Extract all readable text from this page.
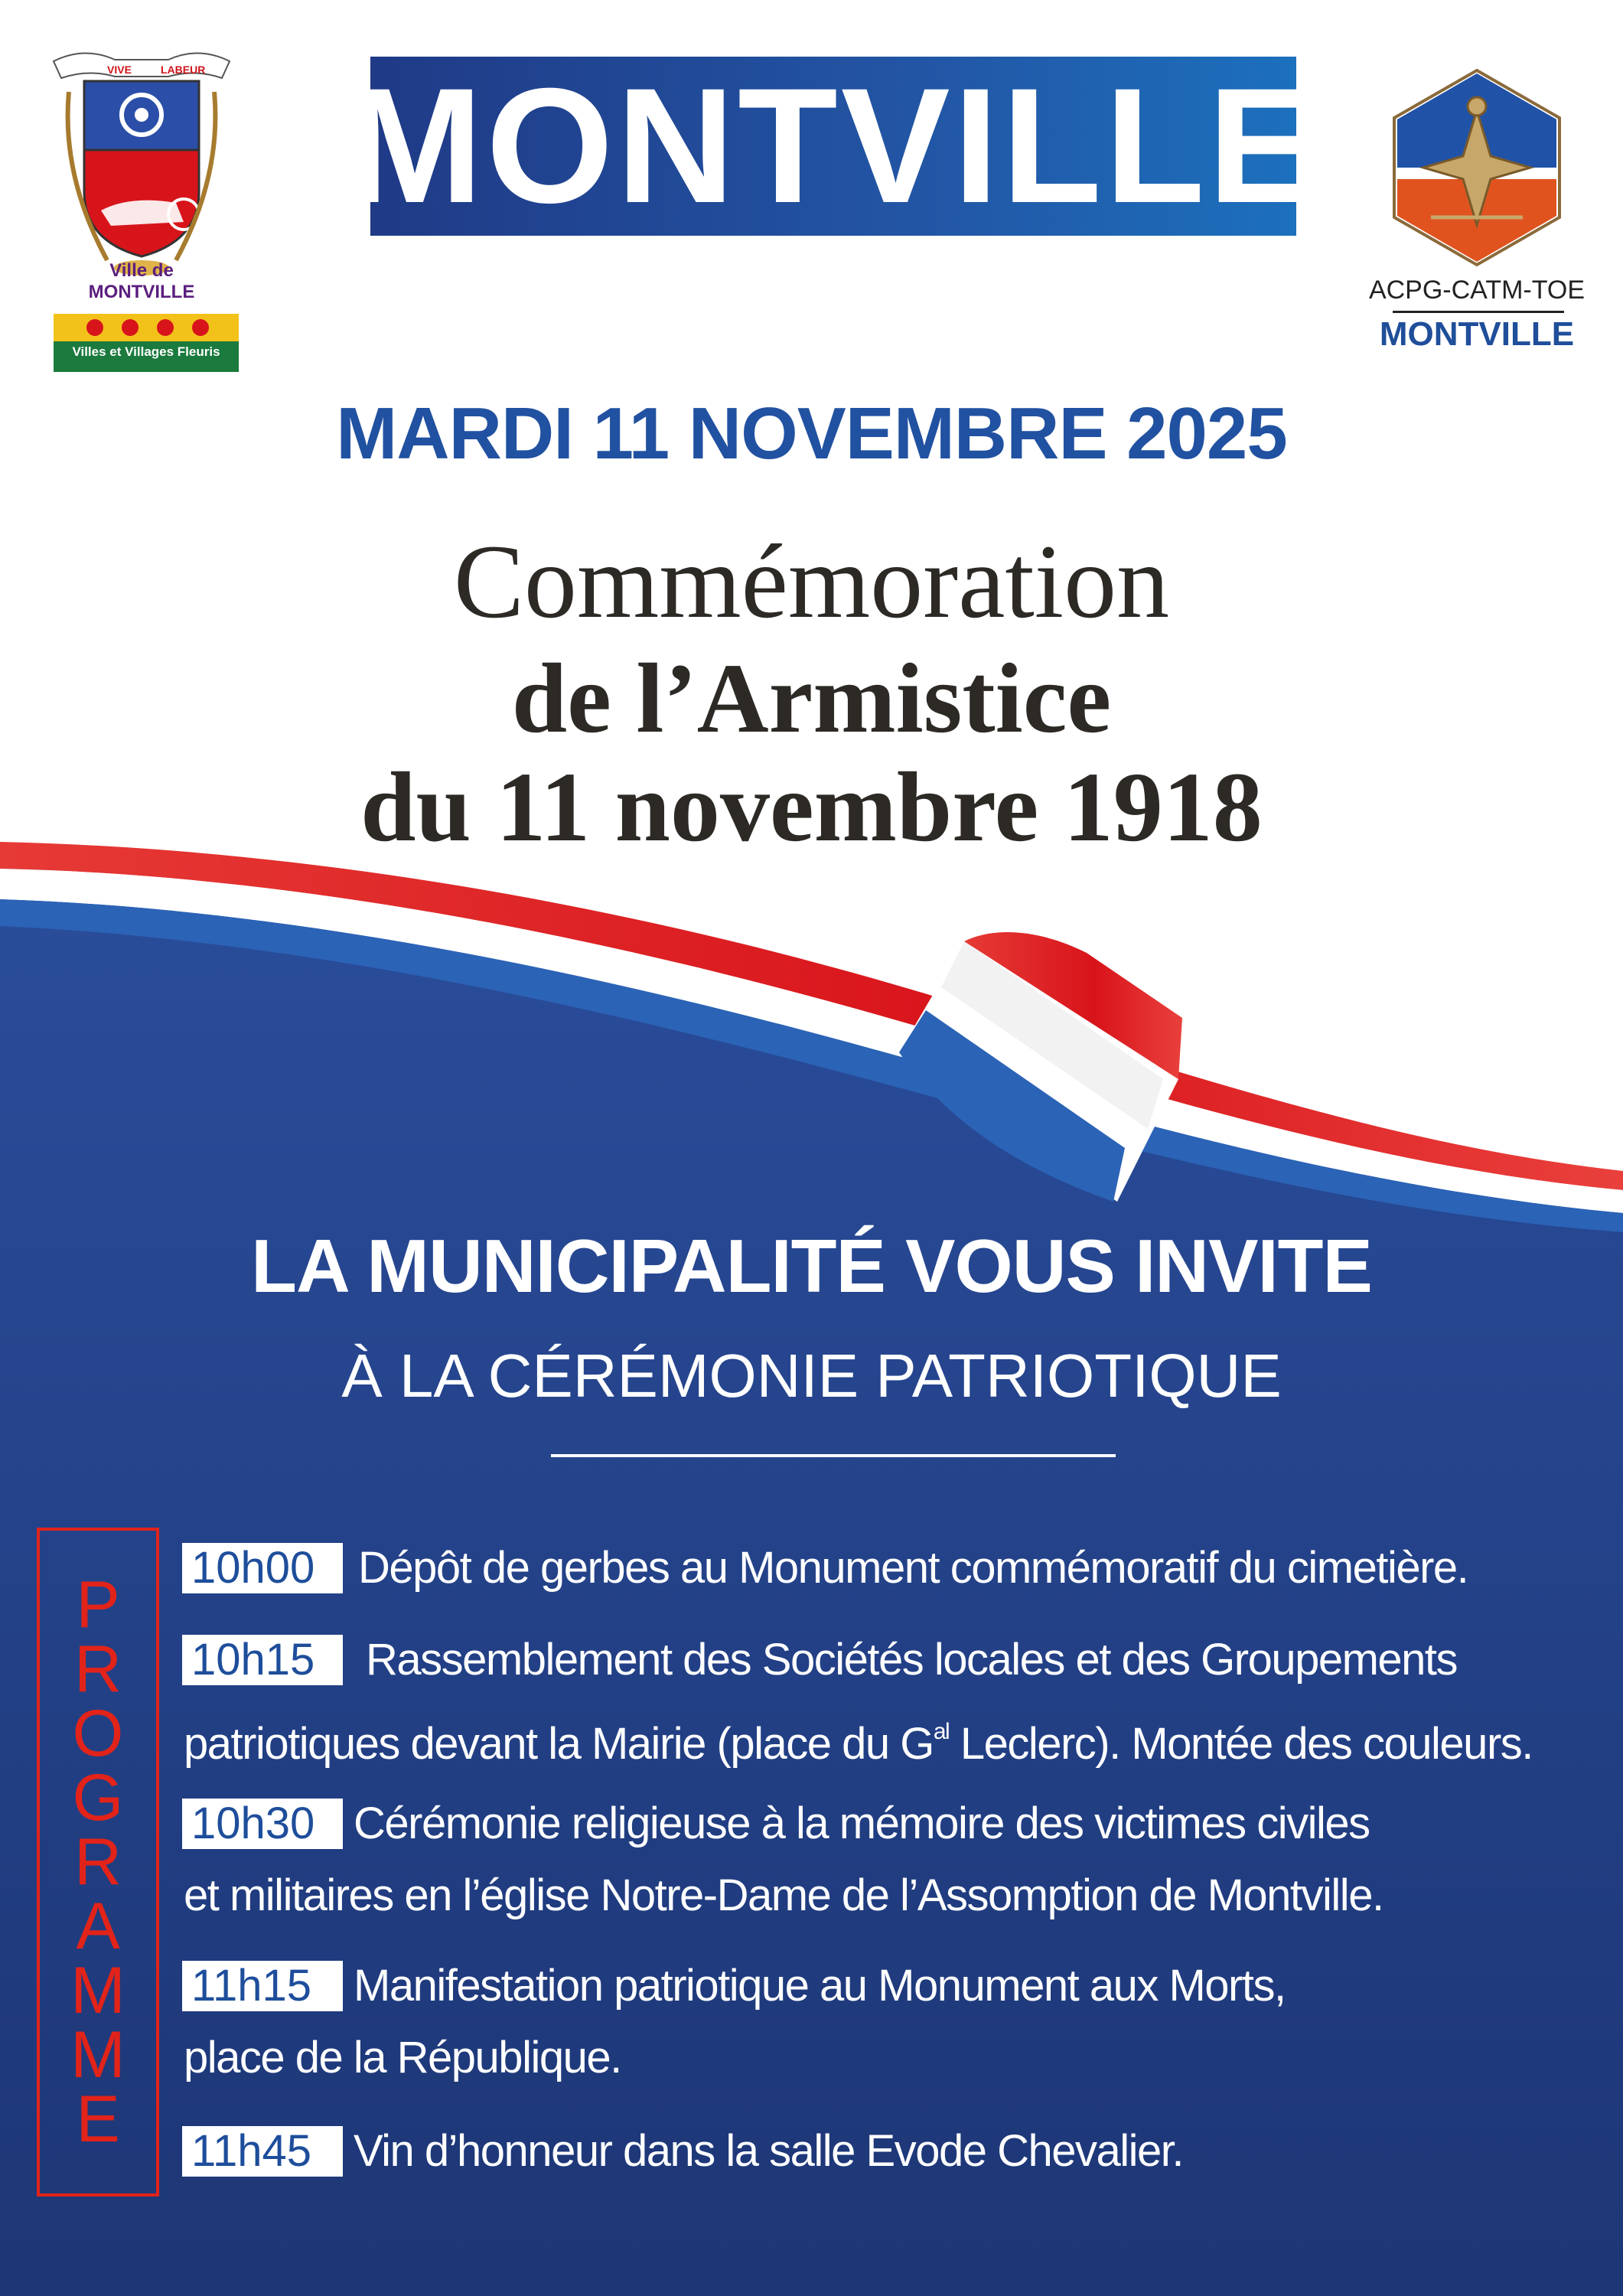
MONTVILLE
MARDI 11 NOVEMBRE 2025
Commémoration
de l’Armistice
du 11 novembre 1918
VIVE	LABEUR
Ville de
MONTVILLE
Villes et Villages Fleuris
ACPG-CATM-TOE
MONTVILLE
LA MUNICIPALITÉ VOUS INVITE
À LA CÉRÉMONIE PATRIOTIQUE
P
R
O
G
R
A
M
M
E
10h00 Dépôt de gerbes au Monument commémoratif du cimetière.
10h15	Rassemblement des Sociétés locales et des Groupements
patriotiques devant la Mairie (place du $G^{al}$ Leclerc). Montée des couleurs.
10h30 Cérémonie religieuse à la mémoire des victimes civiles
et militaires en l’église Notre-Dame de l’Assomption de Montville.
11h15 Manifestation patriotique au Monument aux Morts,
place de la République.
11h45 Vin d’honneur dans la salle Evode Chevalier.
